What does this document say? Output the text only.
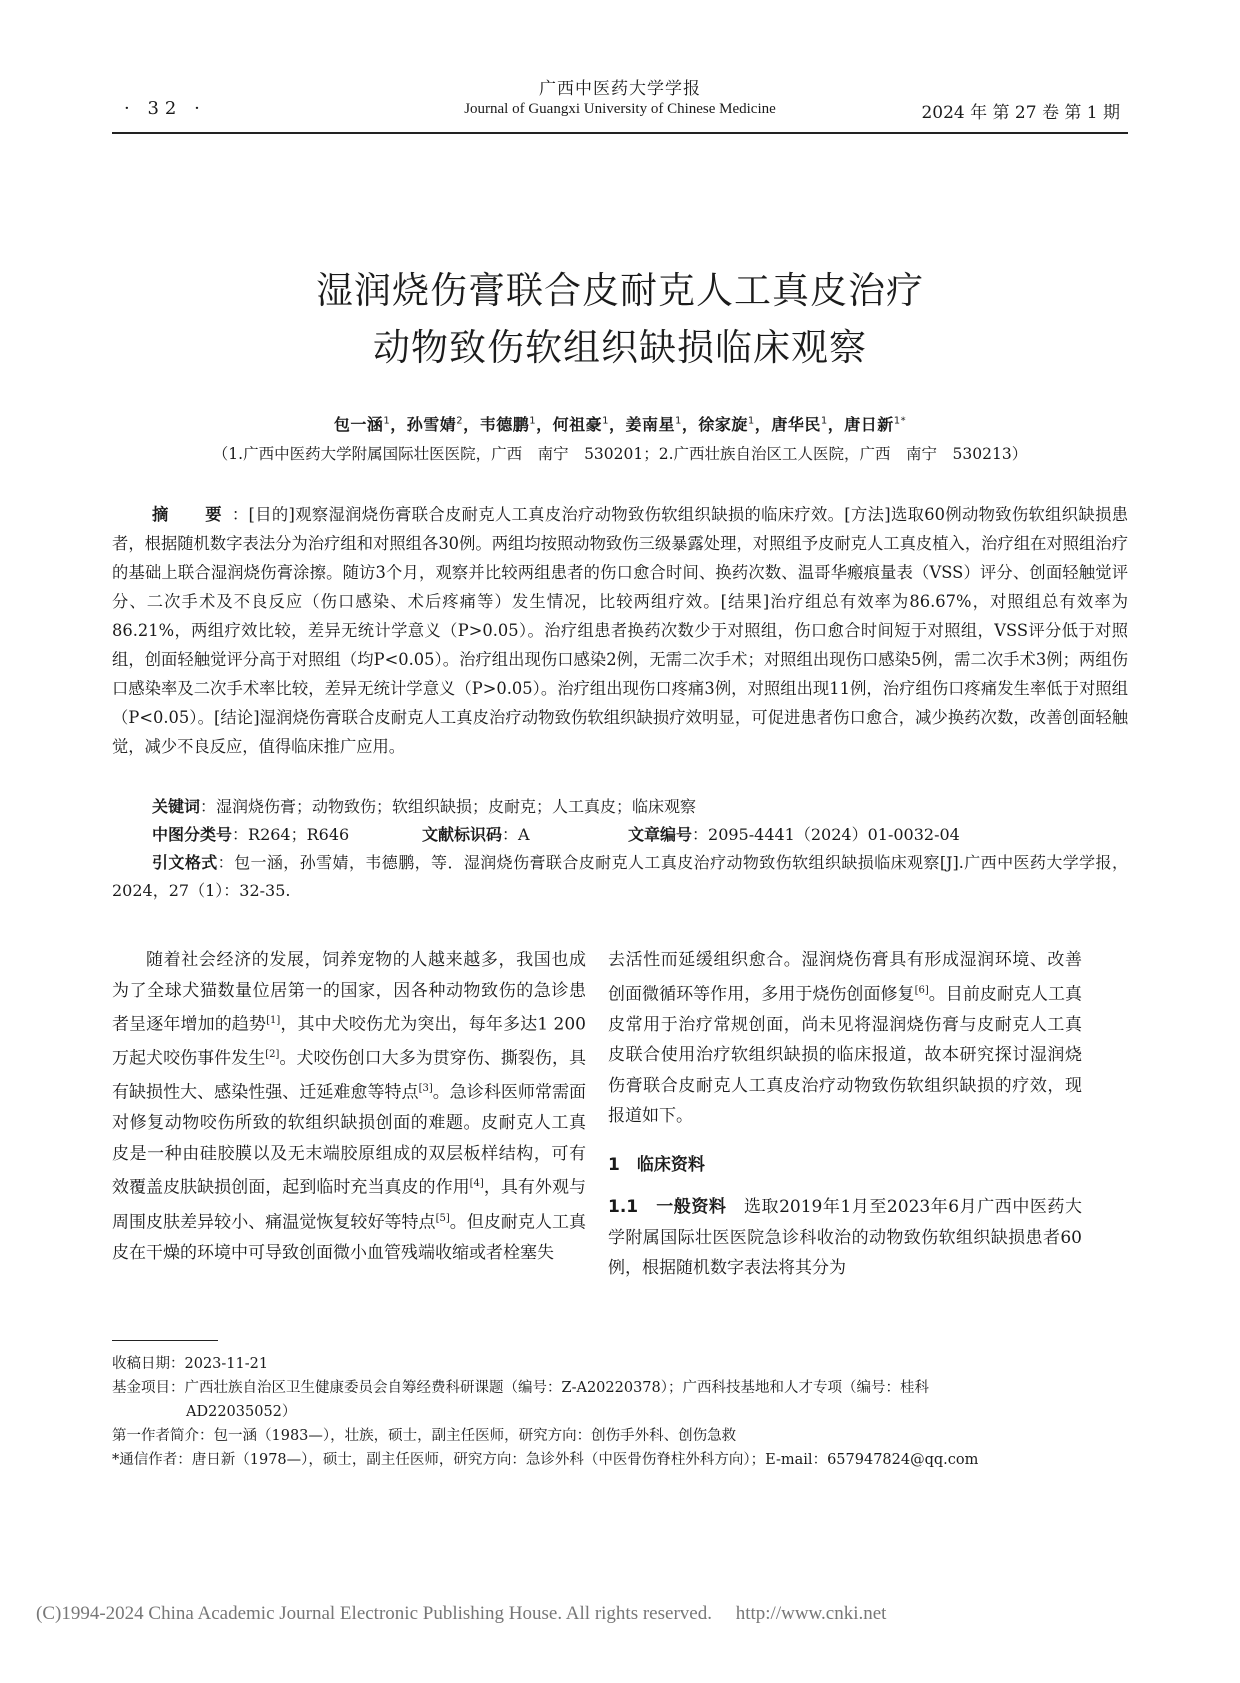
· 32 ·
广西中医药大学学报
Journal of Guangxi University of Chinese Medicine	2024 年 第 27 卷 第 1 期
湿润烧伤膏联合皮耐克人工真皮治疗
动物致伤软组织缺损临床观察
包一涵$^1$，孙雪婧$^2$，韦德鹏$^1$，何祖豪$^1$，姜南星$^1$，徐家旋$^1$，唐华民$^1$，唐日新$^{1*}$
（1.广西中医药大学附属国际壮医医院，广西　南宁　530201；2.广西壮族自治区工人医院，广西　南宁　530213）
摘　要：[目的]观察湿润烧伤膏联合皮耐克人工真皮治疗动物致伤软组织缺损的临床疗效。[方法]选取60例动物致伤软组织缺损患者，根据随机数字表法分为治疗组和对照组各30例。两组均按照动物致伤三级暴露处理，对照组予皮耐克人工真皮植入，治疗组在对照组治疗的基础上联合湿润烧伤膏涂擦。随访3个月，观察并比较两组患者的伤口愈合时间、换药次数、温哥华瘢痕量表（VSS）评分、创面轻触觉评分、二次手术及不良反应（伤口感染、术后疼痛等）发生情况，比较两组疗效。[结果]治疗组总有效率为86.67%，对照组总有效率为86.21%，两组疗效比较，差异无统计学意义（P>0.05）。治疗组患者换药次数少于对照组，伤口愈合时间短于对照组，VSS评分低于对照组，创面轻触觉评分高于对照组（均P<0.05）。治疗组出现伤口感染2例，无需二次手术；对照组出现伤口感染5例，需二次手术3例；两组伤口感染率及二次手术率比较，差异无统计学意义（P>0.05）。治疗组出现伤口疼痛3例，对照组出现11例，治疗组伤口疼痛发生率低于对照组（P<0.05）。[结论]湿润烧伤膏联合皮耐克人工真皮治疗动物致伤软组织缺损疗效明显，可促进患者伤口愈合，减少换药次数，改善创面轻触觉，减少不良反应，值得临床推广应用。
关键词：湿润烧伤膏；动物致伤；软组织缺损；皮耐克；人工真皮；临床观察
中图分类号：R264；R646	文献标识码：A	文章编号：2095-4441（2024）01-0032-04
引文格式：包一涵，孙雪婧，韦德鹏，等．湿润烧伤膏联合皮耐克人工真皮治疗动物致伤软组织缺损临床观察[J].广西中医药大学学报，2024，27（1）：32-35.

随着社会经济的发展，饲养宠物的人越来越多，我国也成为了全球犬猫数量位居第一的国家，因各种动物致伤的急诊患者呈逐年增加的趋势[1]，其中犬咬伤尤为突出，每年多达1 200万起犬咬伤事件发生[2]。犬咬伤创口大多为贯穿伤、撕裂伤，具有缺损性大、感染性强、迁延难愈等特点[3]。急诊科医师常需面对修复动物咬伤所致的软组织缺损创面的难题。皮耐克人工真皮是一种由硅胶膜以及无末端胶原组成的双层板样结构，可有效覆盖皮肤缺损创面，起到临时充当真皮的作用[4]，具有外观与周围皮肤差异较小、痛温觉恢复较好等特点[5]。但皮耐克人工真皮在干燥的环境中可导致创面微小血管残端收缩或者栓塞失

去活性而延缓组织愈合。湿润烧伤膏具有形成湿润环境、改善创面微循环等作用，多用于烧伤创面修复[6]。目前皮耐克人工真皮常用于治疗常规创面，尚未见将湿润烧伤膏与皮耐克人工真皮联合使用治疗软组织缺损的临床报道，故本研究探讨湿润烧伤膏联合皮耐克人工真皮治疗动物致伤软组织缺损的疗效，现报道如下。

1　临床资料

1.1　一般资料　选取2019年1月至2023年6月广西中医药大学附属国际壮医医院急诊科收治的动物致伤软组织缺损患者60例，根据随机数字表法将其分为

收稿日期：2023-11-21
基金项目：广西壮族自治区卫生健康委员会自筹经费科研课题（编号：Z-A20220378）；广西科技基地和人才专项（编号：桂科
AD22035052）
第一作者简介：包一涵（1983—），壮族，硕士，副主任医师，研究方向：创伤手外科、创伤急救
*通信作者：唐日新（1978—），硕士，副主任医师，研究方向：急诊外科（中医骨伤脊柱外科方向）；E-mail：657947824@qq.com
(C)1994-2024 China Academic Journal Electronic Publishing House. All rights reserved.　 http://www.cnki.net
